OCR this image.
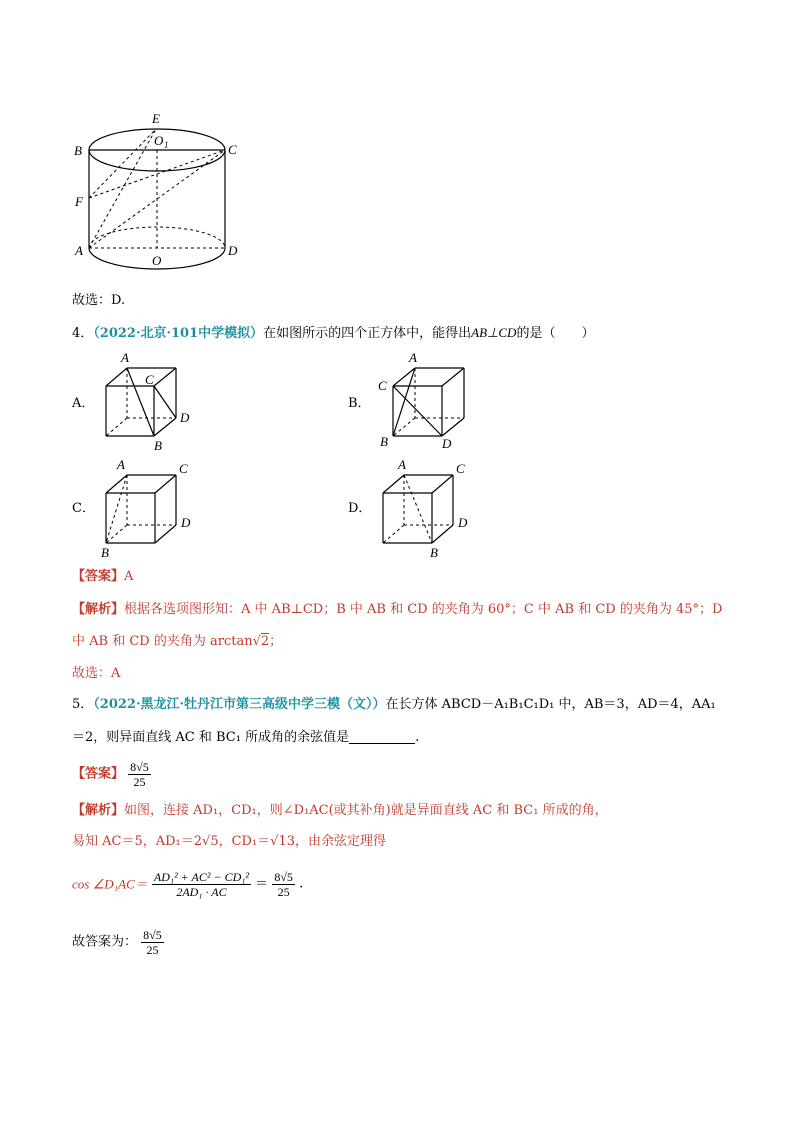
E
O 1
B	C
F
A
O
D
故选：D.
4．（2022·北京·101中学模拟）在如图所示的四个正方体中，能得出AB⊥CD的是（　　）
A．
A
C
D
B
B．
A
C
B	D
C．
A	C
D
B
D．
A	C
D
B
【答案】A
【解析】根据各选项图形知：A 中 AB⊥CD；B 中 AB 和 CD 的夹角为 60°；C 中 AB 和 CD 的夹角为 45°；D
中 AB 和 CD 的夹角为 arctan√2；
故选：A
5．（2022·黑龙江·牡丹江市第三高级中学三模（文））在长方体 ABCD－A₁B₁C₁D₁ 中，AB＝3，AD＝4，AA₁
＝2，则异面直线 AC 和 BC₁ 所成角的余弦值是	.
【答案】 $\frac{8√5}{25}$
【解析】如图，连接 AD₁，CD₁，则∠D₁AC(或其补角)就是异面直线 AC 和 BC₁ 所成的角，
易知 AC＝5，AD₁＝2√5，CD₁＝√13，由余弦定理得
cos ∠D₁AC＝ $\frac{\text{AD₁² + AC² − CD₁²}}{\text{2AD₁ · AC}} = \frac{8√5}{25}$ .
故答案为： $\frac{8√5}{25}$
